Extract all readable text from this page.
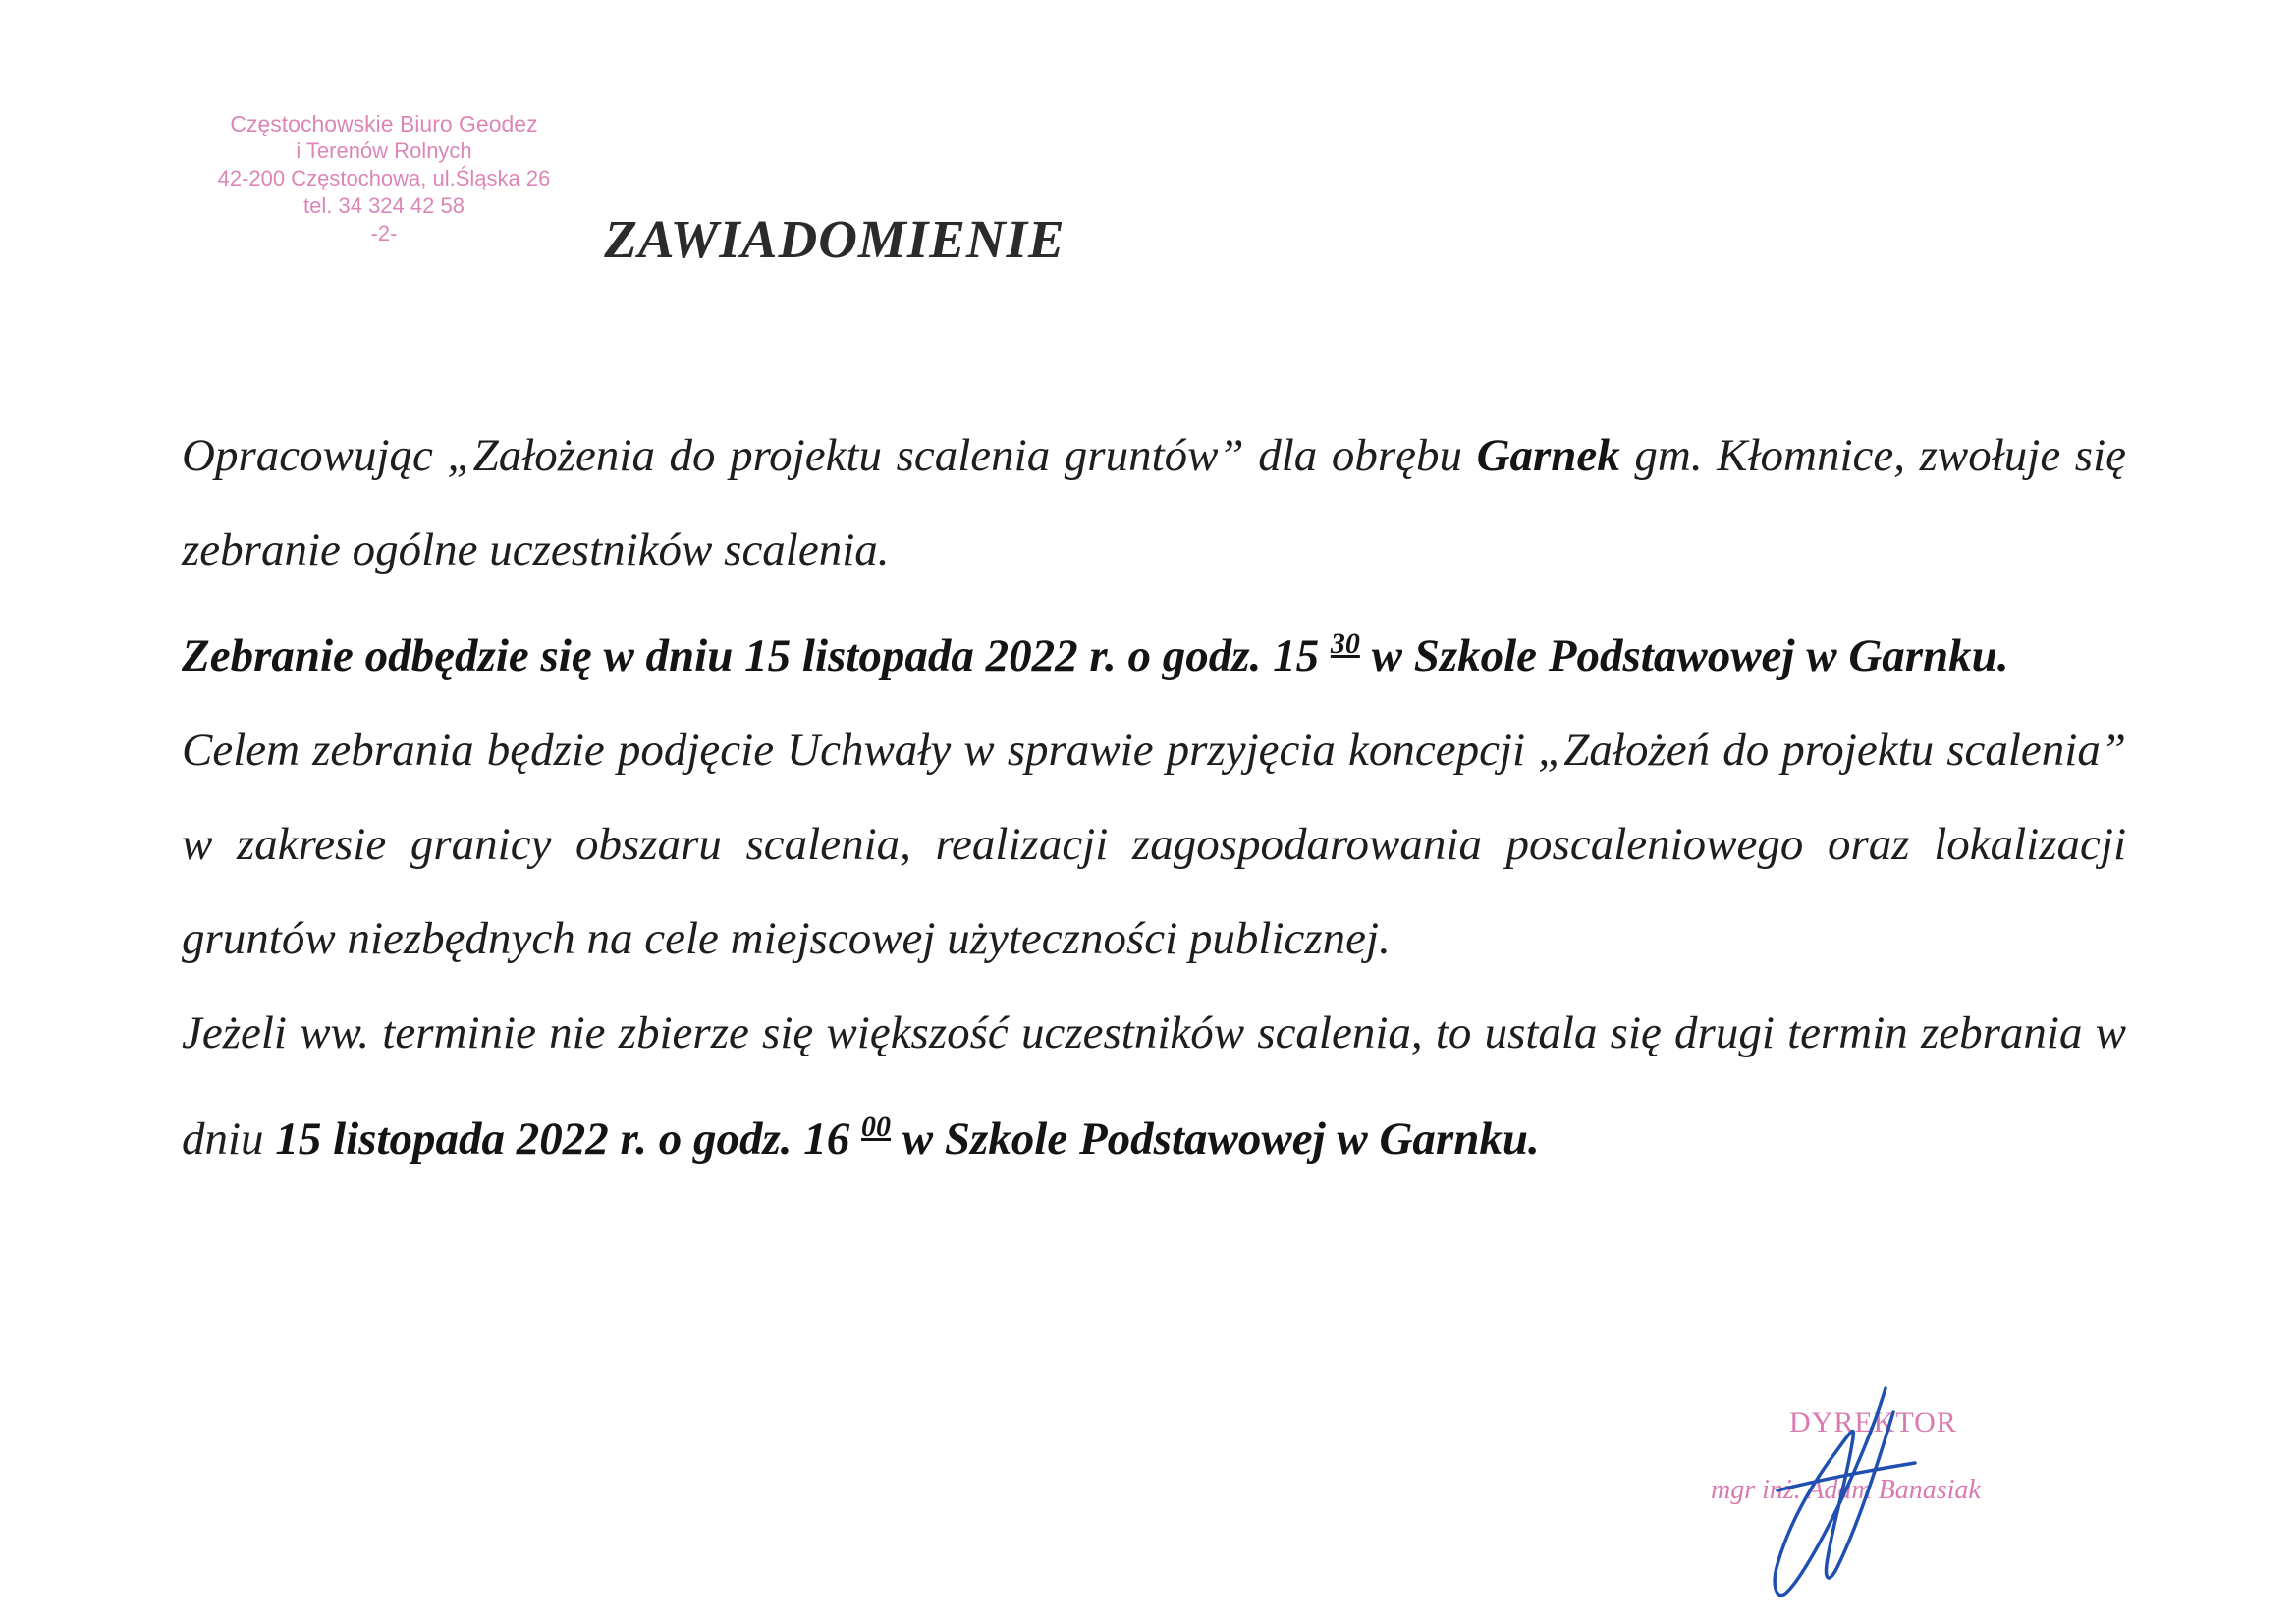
Częstochowskie Biuro Geodez
i Terenów Rolnych
42-200 Częstochowa, ul.Śląska 26
tel. 34 324 42 58
-2-	ZAWIADOMIENIE

Opracowując „Założenia do projektu scalenia gruntów” dla obrębu Garnek gm. Kłomnice, zwołuje się zebranie ogólne uczestników scalenia.

Zebranie odbędzie się w dniu 15 listopada 2022 r. o godz. 15 $^{30}$ w Szkole Podstawowej w Garnku.

Celem zebrania będzie podjęcie Uchwały w sprawie przyjęcia koncepcji „Założeń do projektu scalenia” w zakresie granicy obszaru scalenia, realizacji zagospodarowania poscaleniowego oraz lokalizacji gruntów niezbędnych na cele miejscowej użyteczności publicznej.

Jeżeli ww. terminie nie zbierze się większość uczestników scalenia, to ustala się drugi termin zebrania w dniu 15 listopada 2022 r. o godz. 16 $^{00}$ w Szkole Podstawowej w Garnku.

DYREKTOR
mgr inż. Adam Banasiak
